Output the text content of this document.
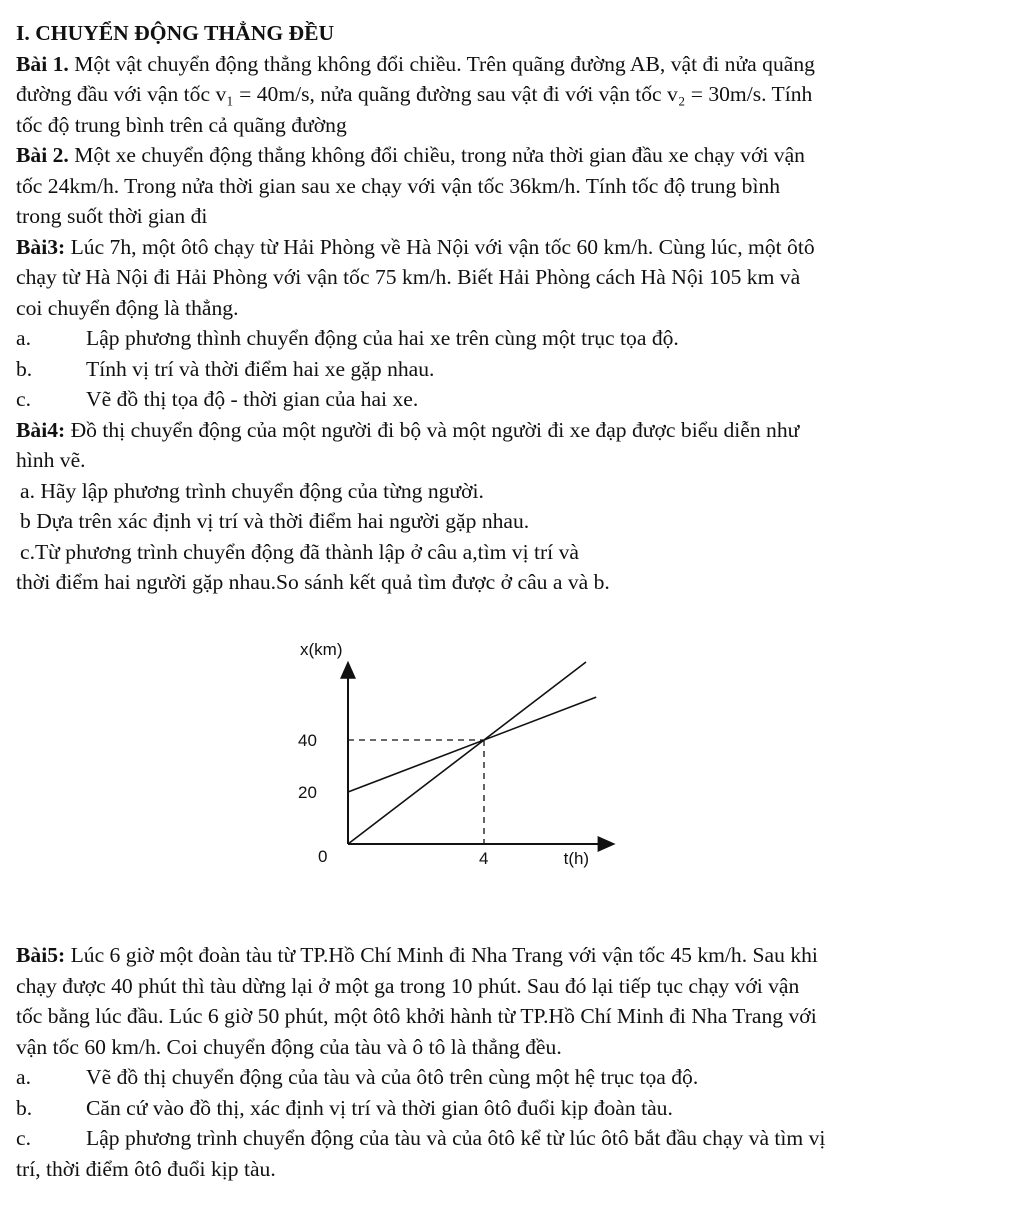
I. CHUYỂN ĐỘNG THẲNG ĐỀU
Bài 1. Một vật chuyển động thẳng không đổi chiều. Trên quãng đường AB, vật đi nửa quãng
đường đầu với vận tốc v₁ = 40m/s, nửa quãng đường sau vật đi với vận tốc v₂ = 30m/s. Tính
tốc độ trung bình trên cả quãng đường
Bài 2. Một xe chuyển động thẳng không đổi chiều, trong nửa thời gian đầu xe chạy với vận
tốc 24km/h. Trong nửa thời gian sau xe chạy với vận tốc 36km/h. Tính tốc độ trung bình
trong suốt thời gian đi
Bài3: Lúc 7h, một ôtô chạy từ Hải Phòng về Hà Nội với vận tốc 60 km/h. Cùng lúc, một ôtô
chạy từ Hà Nội đi Hải Phòng với vận tốc 75 km/h. Biết Hải Phòng cách Hà Nội 105 km và
coi chuyển động là thẳng.
a.	Lập phương thình chuyển động của hai xe trên cùng một trục tọa độ.
b.	Tính vị trí và thời điểm hai xe gặp nhau.
c.	Vẽ đồ thị tọa độ - thời gian của hai xe.
Bài4: Đồ thị chuyển động của một người đi bộ và một người đi xe đạp được biểu diễn như
hình vẽ.
a. Hãy lập phương trình chuyển động của từng người.
b Dựa trên xác định vị trí và thời điểm hai người gặp nhau.
c.Từ phương trình chuyển động đã thành lập ở câu a,tìm vị trí và
thời điểm hai người gặp nhau.So sánh kết quả tìm được ở câu a và b.
x(km)
t(h)
0	4
20
40
Bài5: Lúc 6 giờ một đoàn tàu từ TP.Hồ Chí Minh đi Nha Trang với vận tốc 45 km/h. Sau khi
chạy được 40 phút thì tàu dừng lại ở một ga trong 10 phút. Sau đó lại tiếp tục chạy với vận
tốc bằng lúc đầu. Lúc 6 giờ 50 phút, một ôtô khởi hành từ TP.Hồ Chí Minh đi Nha Trang với
vận tốc 60 km/h. Coi chuyển động của tàu và ô tô là thẳng đều.
a.	Vẽ đồ thị chuyển động của tàu và của ôtô trên cùng một hệ trục tọa độ.
b.	Căn cứ vào đồ thị, xác định vị trí và thời gian ôtô đuổi kịp đoàn tàu.
c.	Lập phương trình chuyển động của tàu và của ôtô kể từ lúc ôtô bắt đầu chạy và tìm vị
trí, thời điểm ôtô đuổi kịp tàu.
